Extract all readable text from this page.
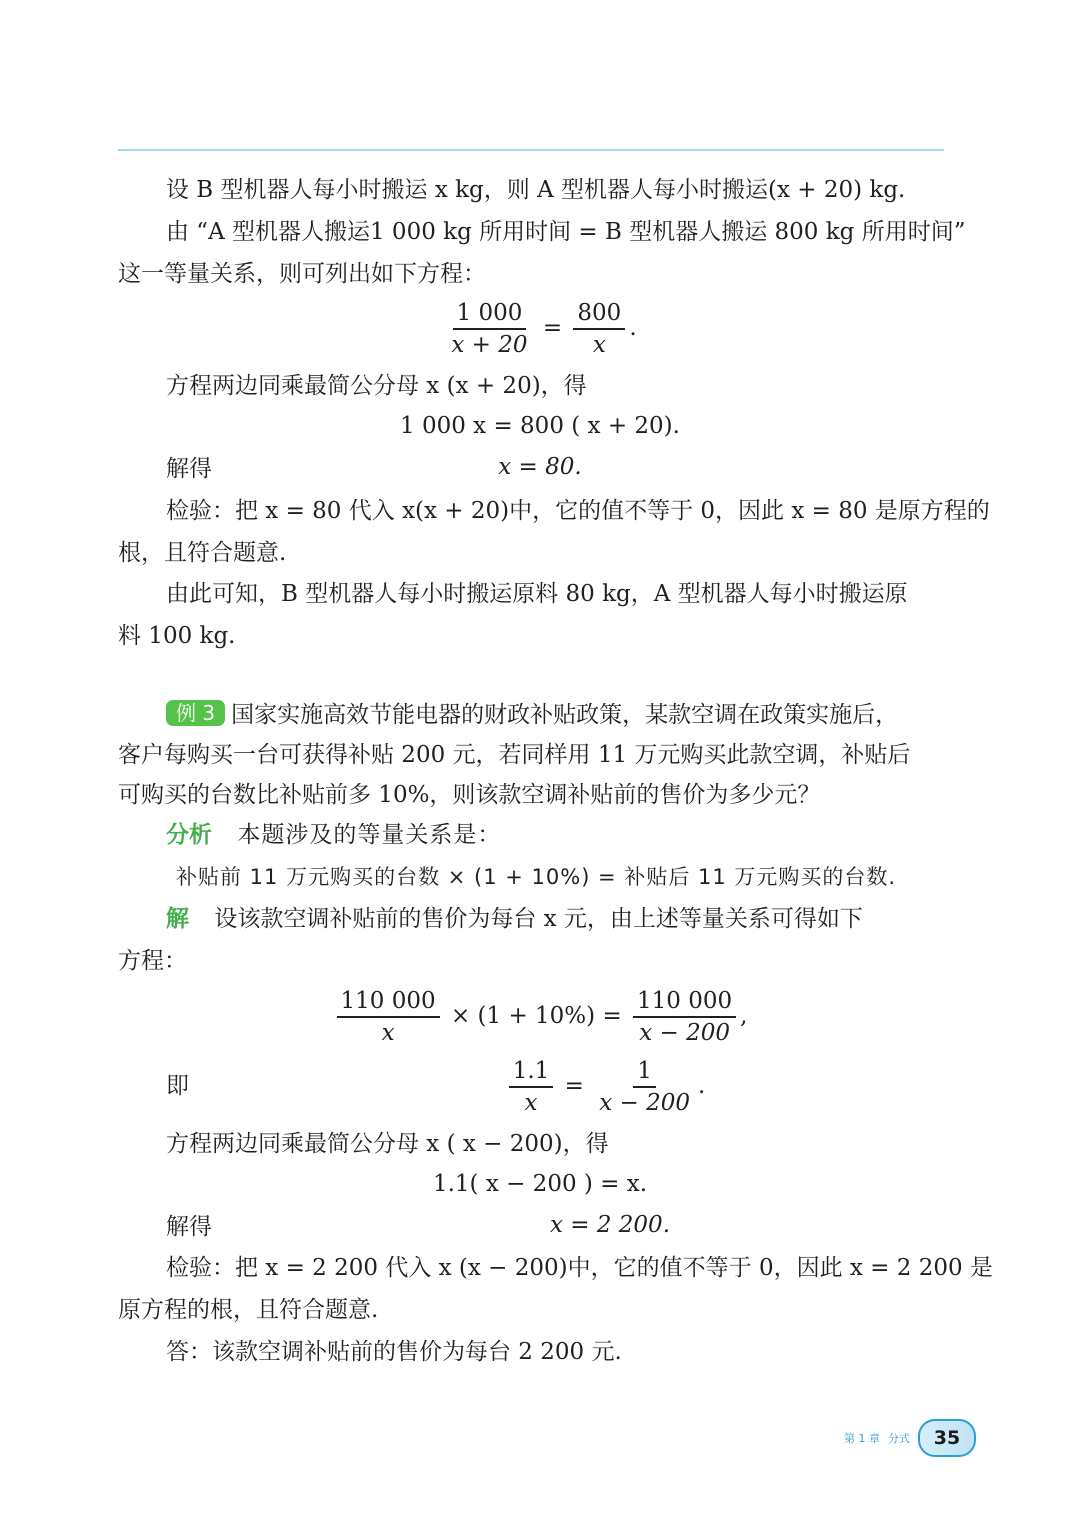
设 B 型机器人每小时搬运 x kg，则 A 型机器人每小时搬运(x + 20) kg.
由 “A 型机器人搬运1 000 kg 所用时间 = B 型机器人搬运 800 kg 所用时间”
这一等量关系，则可列出如下方程：
$\frac{1 000}{x + 20} = \frac{800}{x}$ .
方程两边同乘最简公分母 x (x + 20)，得
1 000 x = 800 ( x + 20).
解得	x = 80.
检验：把 x = 80 代入 x(x + 20)中，它的值不等于 0，因此 x = 80 是原方程的
根，且符合题意.
由此可知，B 型机器人每小时搬运原料 80 kg，A 型机器人每小时搬运原
料 100 kg.
例 3 国家实施高效节能电器的财政补贴政策，某款空调在政策实施后，
客户每购买一台可获得补贴 200 元，若同样用 11 万元购买此款空调，补贴后
可购买的台数比补贴前多 10%，则该款空调补贴前的售价为多少元？
分析 本题涉及的等量关系是：
补贴前 11 万元购买的台数 × (1 + 10%) = 补贴后 11 万元购买的台数.
解 设该款空调补贴前的售价为每台 x 元，由上述等量关系可得如下
方程：
$\frac{110 000}{x} \times (1 + 10\%) = \frac{110 000}{x - 200}$ ,
即	$\frac{1.1}{x} = \frac{1}{x - 200}$ .
方程两边同乘最简公分母 x ( x − 200)，得
1.1( x − 200 ) = x.
解得	x = 2 200.
检验：把 x = 2 200 代入 x (x − 200)中，它的值不等于 0，因此 x = 2 200 是
原方程的根，且符合题意.
答：该款空调补贴前的售价为每台 2 200 元.
第 1 章 分式	35
